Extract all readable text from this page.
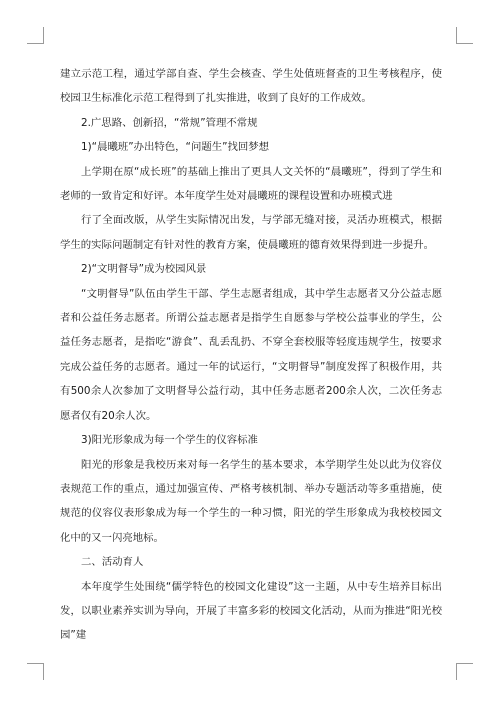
建立示范工程，通过学部自查、学生会核查、学生处值班督查的卫生考核程序，使校园卫生标准化示范工程得到了扎实推进，收到了良好的工作成效。

2.广思路、创新招，“常规”管理不常规

1)“晨曦班”办出特色，“问题生”找回梦想

上学期在原“成长班”的基础上推出了更具人文关怀的“晨曦班”，得到了学生和老师的一致肯定和好评。本年度学生处对晨曦班的课程设置和办班模式进

行了全面改版，从学生实际情况出发，与学部无缝对接，灵活办班模式，根据学生的实际问题制定有针对性的教育方案，使晨曦班的德育效果得到进一步提升。

2)“文明督导”成为校园风景

“文明督导”队伍由学生干部、学生志愿者组成，其中学生志愿者又分公益志愿者和公益任务志愿者。所谓公益志愿者是指学生自愿参与学校公益事业的学生，公益任务志愿者，是指吃“游食”、乱丢乱扔、不穿全套校服等轻度违规学生，按要求完成公益任务的志愿者。通过一年的试运行，“文明督导”制度发挥了积极作用，共有500余人次参加了文明督导公益行动，其中任务志愿者200余人次，二次任务志愿者仅有20余人次。

3)阳光形象成为每一个学生的仪容标准

阳光的形象是我校历来对每一名学生的基本要求，本学期学生处以此为仪容仪表规范工作的重点，通过加强宣传、严格考核机制、举办专题活动等多重措施，使规范的仪容仪表形象成为每一个学生的一种习惯，阳光的学生形象成为我校校园文化中的又一闪亮地标。

二、活动育人

本年度学生处围绕“儒学特色的校园文化建设”这一主题，从中专生培养目标出发，以职业素养实训为导向，开展了丰富多彩的校园文化活动，从而为推进“阳光校园”建
